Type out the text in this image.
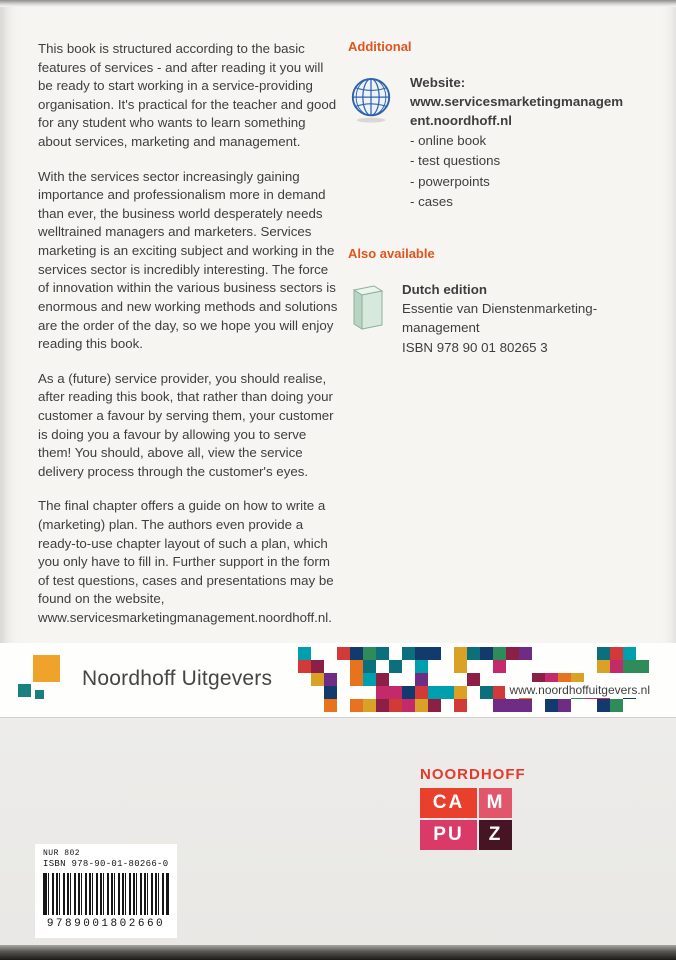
This book is structured according to the basic features of services - and after reading it you will be ready to start working in a service-providing organisation. It's practical for the teacher and good for any student who wants to learn something about services, marketing and management.

With the services sector increasingly gaining importance and professionalism more in demand than ever, the business world desperately needs welltrained managers and marketers. Services marketing is an exciting subject and working in the services sector is incredibly interesting. The force of innovation within the various business sectors is enormous and new working methods and solutions are the order of the day, so we hope you will enjoy reading this book.

As a (future) service provider, you should realise, after reading this book, that rather than doing your customer a favour by serving them, your customer is doing you a favour by allowing you to serve them! You should, above all, view the service delivery process through the customer's eyes.

The final chapter offers a guide on how to write a (marketing) plan. The authors even provide a ready-to-use chapter layout of such a plan, which you only have to fill in. Further support in the form of test questions, cases and presentations may be found on the website, www.servicesmarketingmanagement.noordhoff.nl.

Additional
Website:
www.servicesmarketingmanagement.noordhoff.nl
- online book
- test questions
- powerpoints
- cases
Also available
Dutch edition
Essentie van Dienstenmarketing-management
ISBN 978 90 01 80265 3
Noordhoff Uitgevers	www.noordhoffuitgevers.nl
NOORDHOFF
CA	M
PU	Z
NUR 802
ISBN 978-90-01-80266-0
9789001802660
